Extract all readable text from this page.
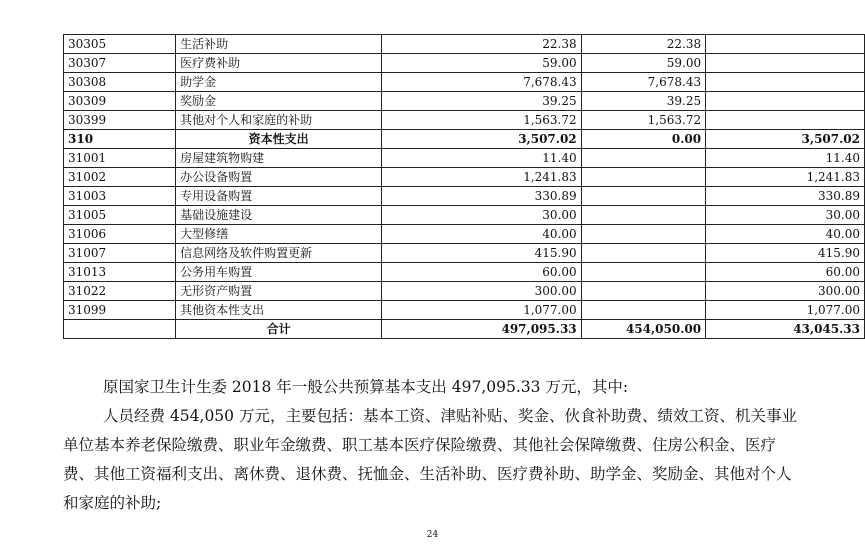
30305	生活补助	22.38	22.38	
30307	医疗费补助	59.00	59.00	
30308	助学金	7,678.43	7,678.43	
30309	奖励金	39.25	39.25	
30399	其他对个人和家庭的补助	1,563.72	1,563.72	
310	资本性支出	3,507.02	0.00	3,507.02
31001	房屋建筑物购建	11.40		11.40
31002	办公设备购置	1,241.83		1,241.83
31003	专用设备购置	330.89		330.89
31005	基础设施建设	30.00		30.00
31006	大型修缮	40.00		40.00
31007	信息网络及软件购置更新	415.90		415.90
31013	公务用车购置	60.00		60.00
31022	无形资产购置	300.00		300.00
31099	其他资本性支出	1,077.00		1,077.00
	合计	497,095.33	454,050.00	43,045.33
原国家卫生计生委 2018 年一般公共预算基本支出 497,095.33 万元，其中:
人员经费 454,050 万元，主要包括：基本工资、津贴补贴、奖金、伙食补助费、绩效工资、机关事业单位基本养老保险缴费、职业年金缴费、职工基本医疗保险缴费、其他社会保障缴费、住房公积金、医疗费、其他工资福利支出、离休费、退休费、抚恤金、生活补助、医疗费补助、助学金、奖励金、其他对个人和家庭的补助;
24
